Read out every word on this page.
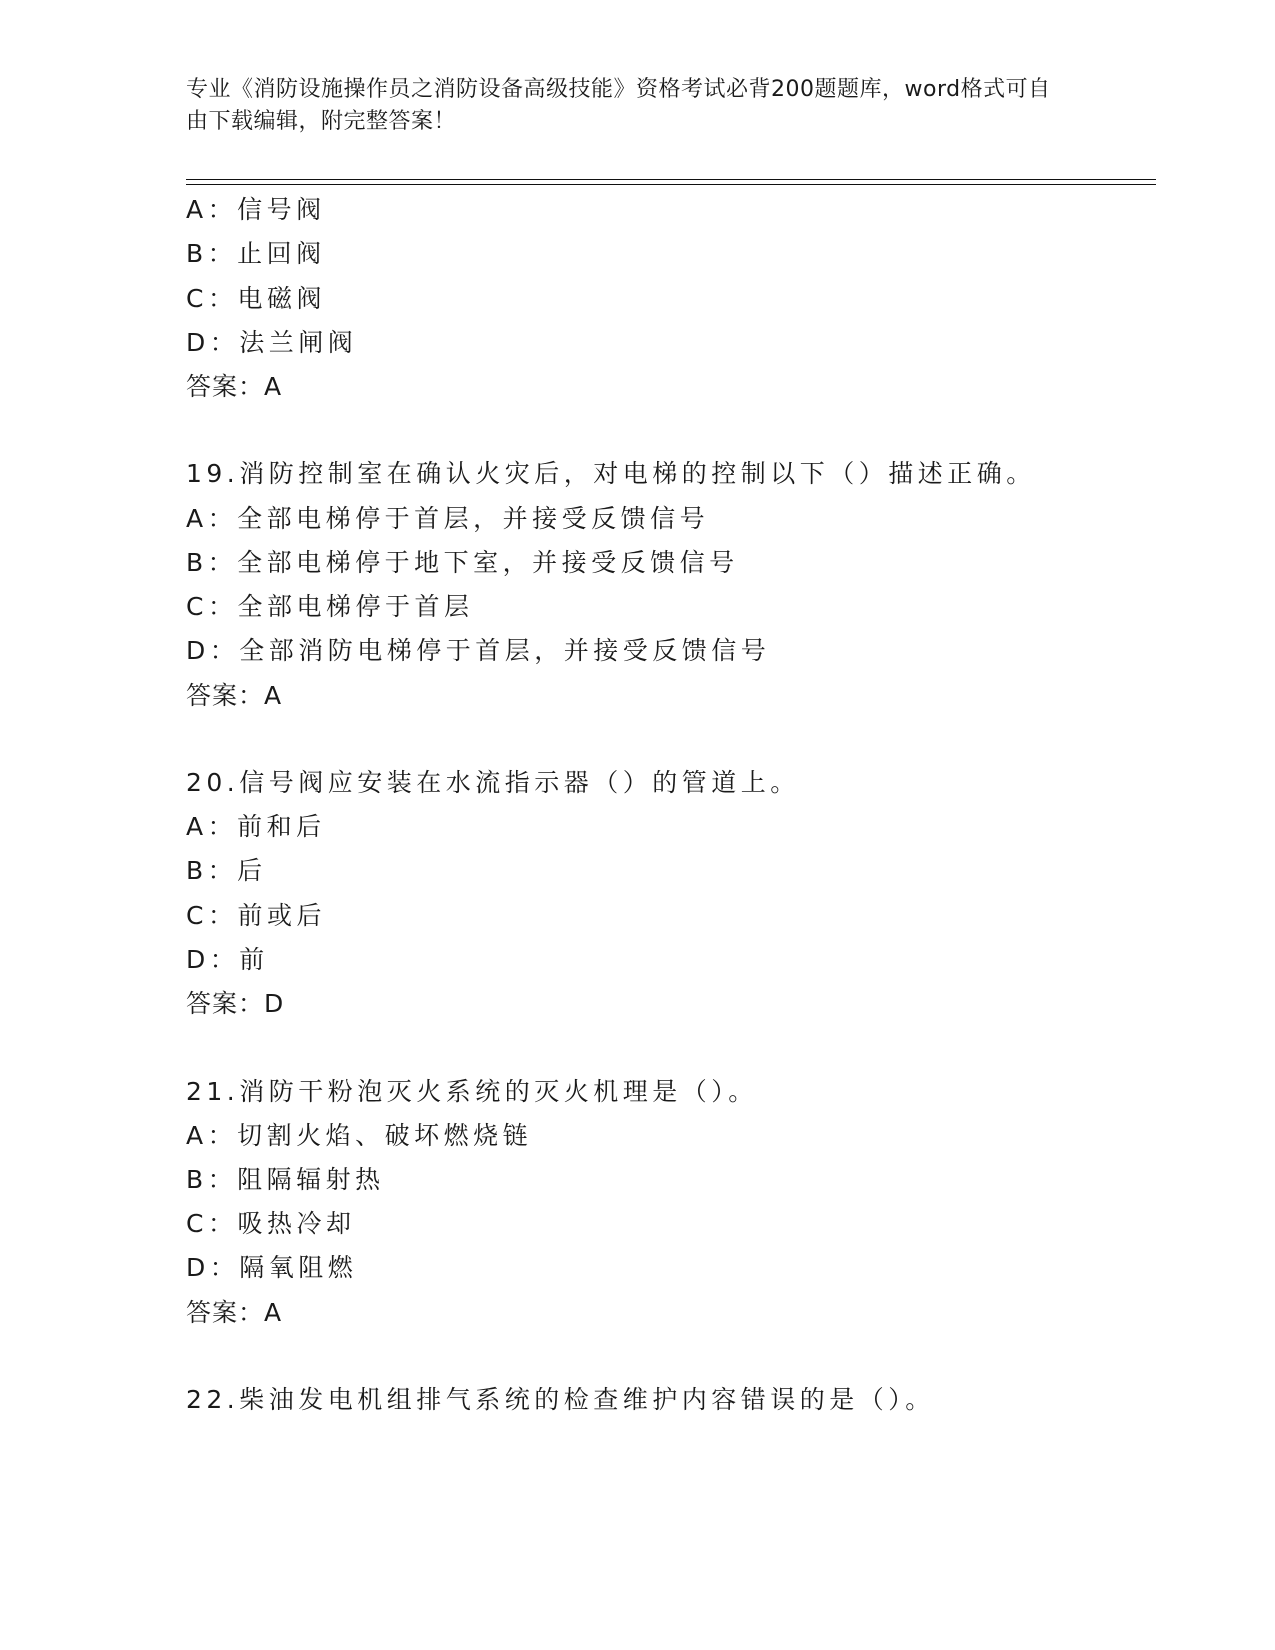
专业《消防设施操作员之消防设备高级技能》资格考试必背200题题库，word格式可自由下载编辑，附完整答案！
A：信号阀
B：止回阀
C：电磁阀
D：法兰闸阀
答案：A
19.消防控制室在确认火灾后，对电梯的控制以下（）描述正确。
A：全部电梯停于首层，并接受反馈信号
B：全部电梯停于地下室，并接受反馈信号
C：全部电梯停于首层
D：全部消防电梯停于首层，并接受反馈信号
答案：A
20.信号阀应安装在水流指示器（）的管道上。
A：前和后
B：后
C：前或后
D：前
答案：D
21.消防干粉泡灭火系统的灭火机理是（）。
A：切割火焰、破坏燃烧链
B：阻隔辐射热
C：吸热冷却
D：隔氧阻燃
答案：A
22.柴油发电机组排气系统的检查维护内容错误的是（）。
